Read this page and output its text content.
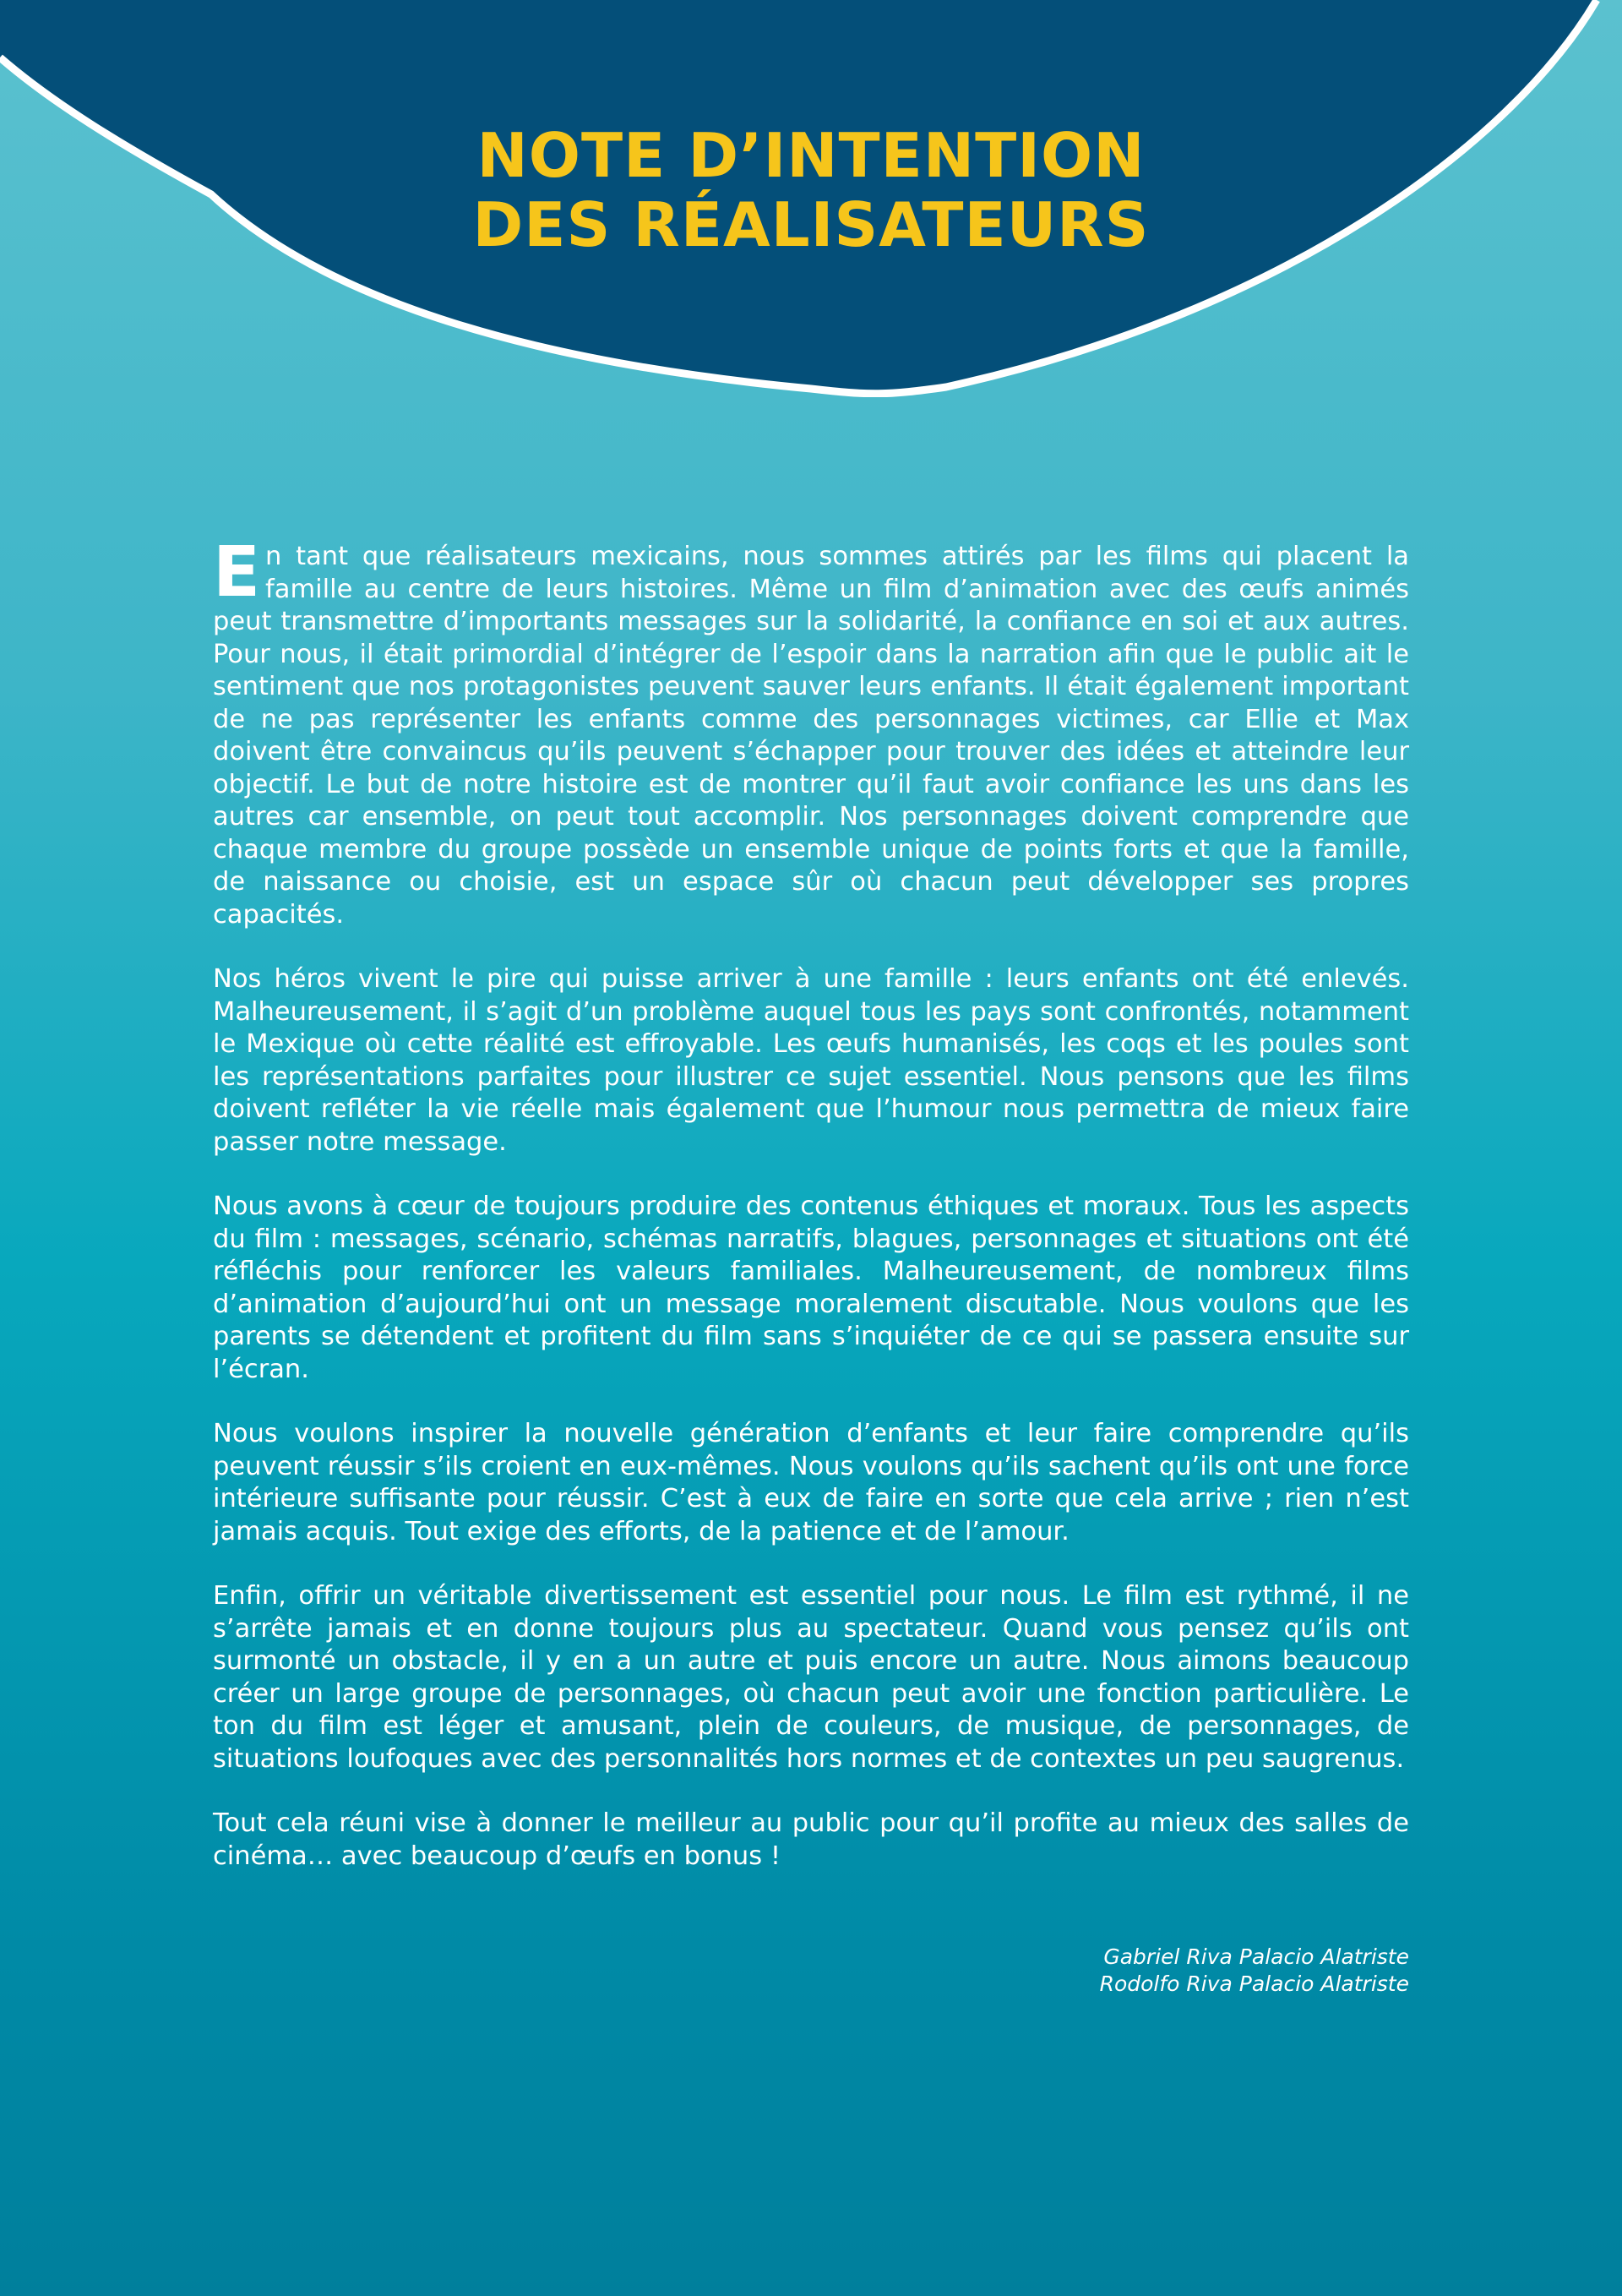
NOTE D’INTENTION
DES RÉALISATEURS

En tant que réalisateurs mexicains, nous sommes attirés par les films qui placent la famille au centre de leurs histoires. Même un film d’animation avec des œufs animés peut transmettre d’importants messages sur la solidarité, la confiance en soi et aux autres. Pour nous, il était primordial d’intégrer de l’espoir dans la narration afin que le public ait le sentiment que nos protagonistes peuvent sauver leurs enfants. Il était également important de ne pas représenter les enfants comme des personnages victimes, car Ellie et Max doivent être convaincus qu’ils peuvent s’échapper pour trouver des idées et atteindre leur objectif. Le but de notre histoire est de montrer qu’il faut avoir confiance les uns dans les autres car ensemble, on peut tout accomplir. Nos personnages doivent comprendre que chaque membre du groupe possède un ensemble unique de points forts et que la famille, de naissance ou choisie, est un espace sûr où chacun peut développer ses propres capacités.

Nos héros vivent le pire qui puisse arriver à une famille : leurs enfants ont été enlevés. Malheureusement, il s’agit d’un problème auquel tous les pays sont confrontés, notamment le Mexique où cette réalité est effroyable. Les œufs humanisés, les coqs et les poules sont les représentations parfaites pour illustrer ce sujet essentiel. Nous pensons que les films doivent refléter la vie réelle mais également que l’humour nous permettra de mieux faire passer notre message.

Nous avons à cœur de toujours produire des contenus éthiques et moraux. Tous les aspects du film : messages, scénario, schémas narratifs, blagues, personnages et situations ont été réfléchis pour renforcer les valeurs familiales. Malheureusement, de nombreux films d’animation d’aujourd’hui ont un message moralement discutable. Nous voulons que les parents se détendent et profitent du film sans s’inquiéter de ce qui se passera ensuite sur l’écran.

Nous voulons inspirer la nouvelle génération d’enfants et leur faire comprendre qu’ils peuvent réussir s’ils croient en eux-mêmes. Nous voulons qu’ils sachent qu’ils ont une force intérieure suffisante pour réussir. C’est à eux de faire en sorte que cela arrive ; rien n’est jamais acquis. Tout exige des efforts, de la patience et de l’amour.

Enfin, offrir un véritable divertissement est essentiel pour nous. Le film est rythmé, il ne s’arrête jamais et en donne toujours plus au spectateur. Quand vous pensez qu’ils ont surmonté un obstacle, il y en a un autre et puis encore un autre. Nous aimons beaucoup créer un large groupe de personnages, où chacun peut avoir une fonction particulière. Le ton du film est léger et amusant, plein de couleurs, de musique, de personnages, de situations loufoques avec des personnalités hors normes et de contextes un peu saugrenus.

Tout cela réuni vise à donner le meilleur au public pour qu’il profite au mieux des salles de cinéma… avec beaucoup d’œufs en bonus !

Gabriel Riva Palacio Alatriste
Rodolfo Riva Palacio Alatriste
